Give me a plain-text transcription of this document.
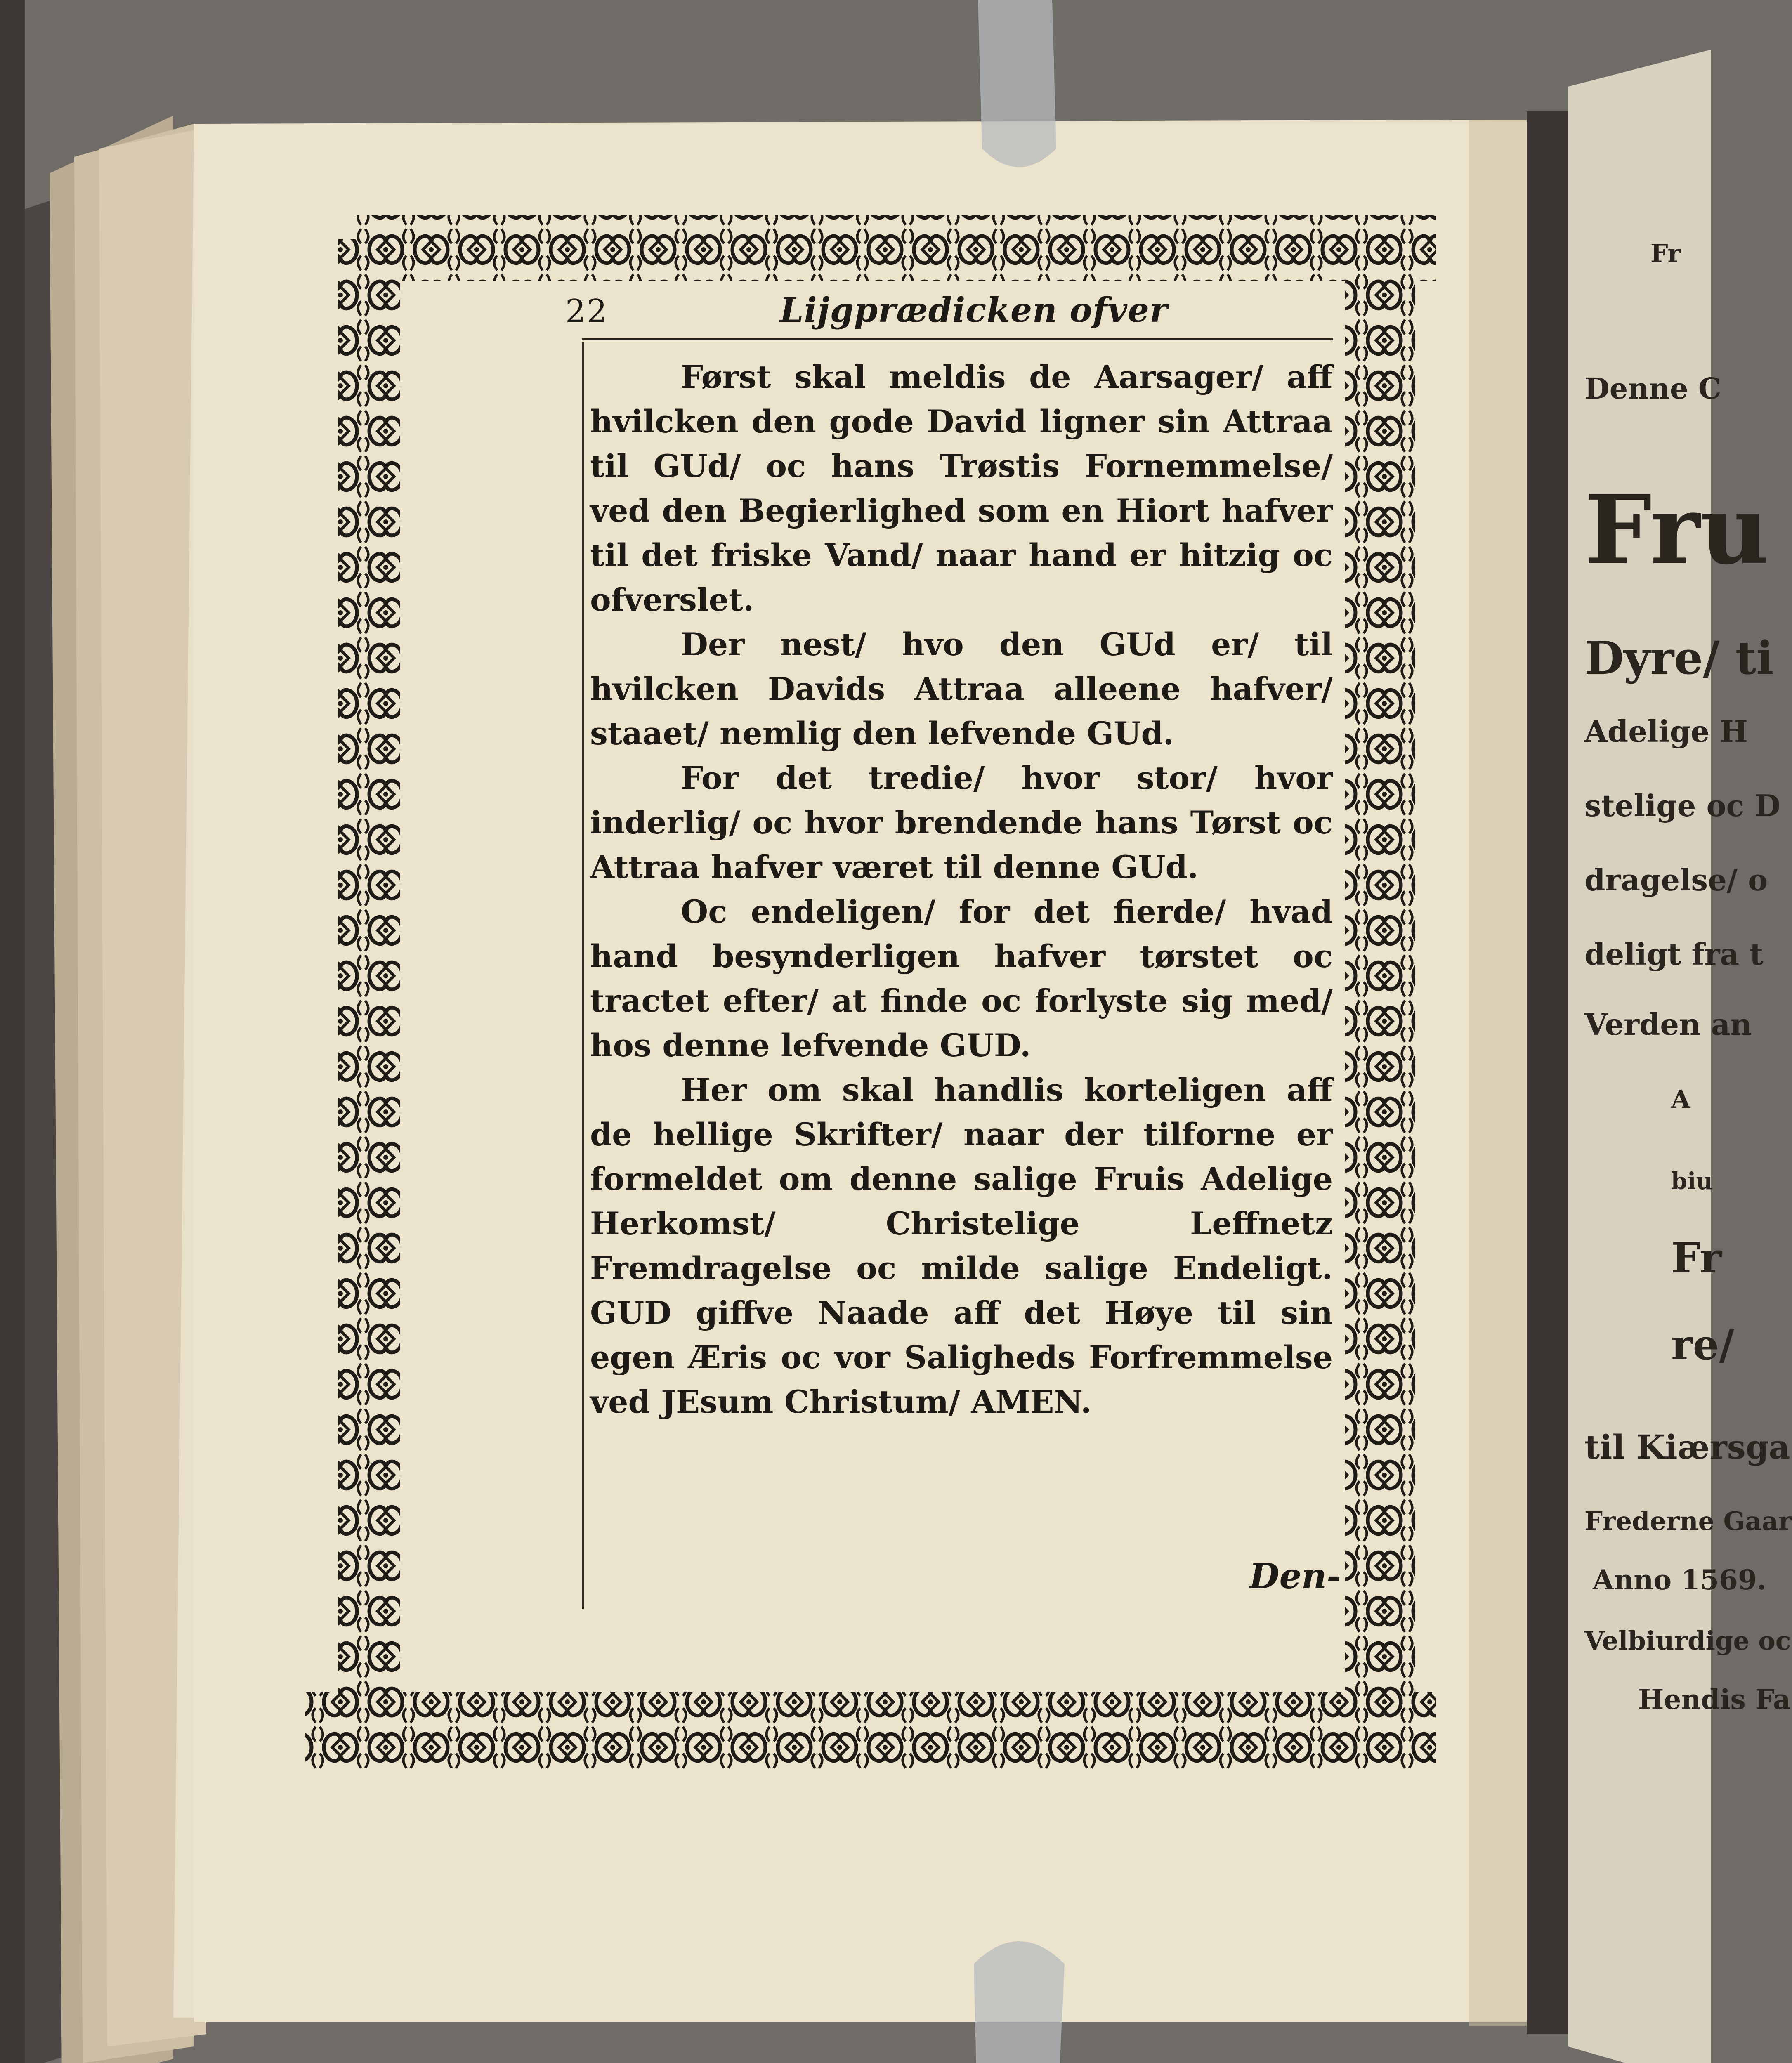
22	Lijgprædicken ofver

Først skal meldis de Aarsager/ aff hvilcken den gode David ligner sin Attraa til GUd/ oc hans Trøstis Fornemmelse/ ved den Begierlighed som en Hiort hafver til det friske Vand/ naar hand er hitzig oc ofverslet.

Der nest/ hvo den GUd er/ til hvilcken Davids Attraa alleene hafver/ staaet/ nemlig den lefvende GUd.

For det tredie/ hvor stor/ hvor inderlig/ oc hvor brendende hans Tørst oc Attraa hafver været til denne GUd.

Oc endeligen/ for det fierde/ hvad hand besynderligen hafver tørstet oc tractet efter/ at finde oc forlyste sig med/ hos denne lefvende GUD.

Her om skal handlis korteligen aff de hellige Skrifter/ naar der tilforne er formeldet om denne salige Fruis Adelige Herkomst/ Christelige Leffnetz Fremdragelse oc milde salige Endeligt. GUD giffve Naade aff det Høye til sin egen Æris oc vor Saligheds Forfremmelse ved JEsum Christum/ AMEN.

Den-
Fr
Denne C
Fru
Dyre/ ti
Adelige H
stelige oc D
dragelse/ o
deligt fra t
Verden an
A
biu
Fr
re/
til Kiærsga
Frederne Gaar
Anno 1569.
Velbiurdige oc
Hendis Fa
